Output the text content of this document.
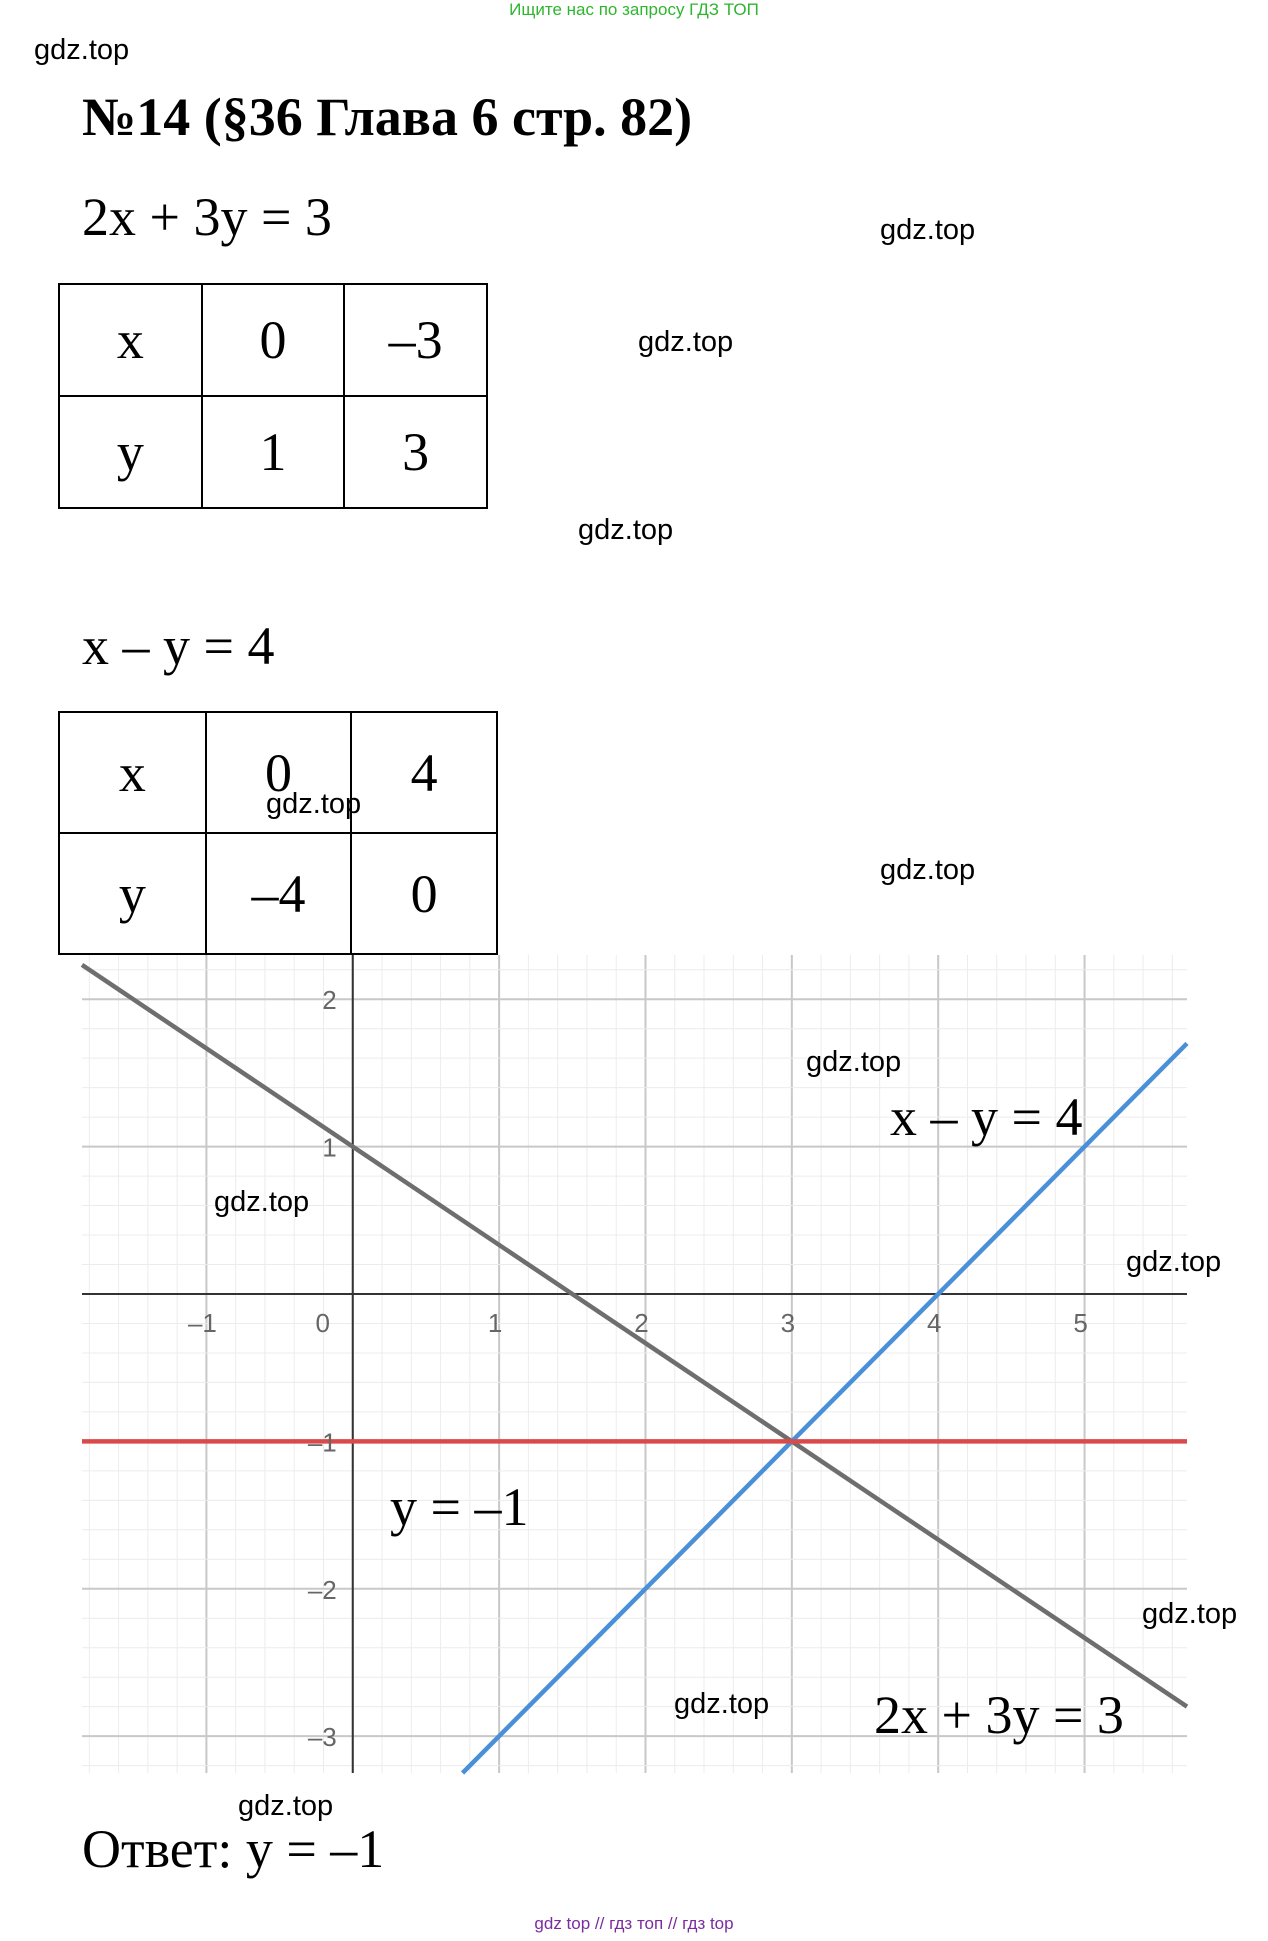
Ищите нас по запросу ГДЗ ТОП
gdz.top
gdz.top
gdz.top
gdz.top
gdz.top
№14 (§36 Глава 6 стр. 82)
2x + 3y = 3
x	0	–3
y	1	3
x – y = 4
x	0	4
y	–4	0
gdz.top
–1	0	1	2	3	4	5
2
1
–1
–2
–3
x – y = 4
y = –1
2x + 3y = 3
gdz.top
gdz.top
gdz.top
gdz.top
gdz.top
gdz.top
Ответ: y = –1
gdz top // гдз топ // гдз top
